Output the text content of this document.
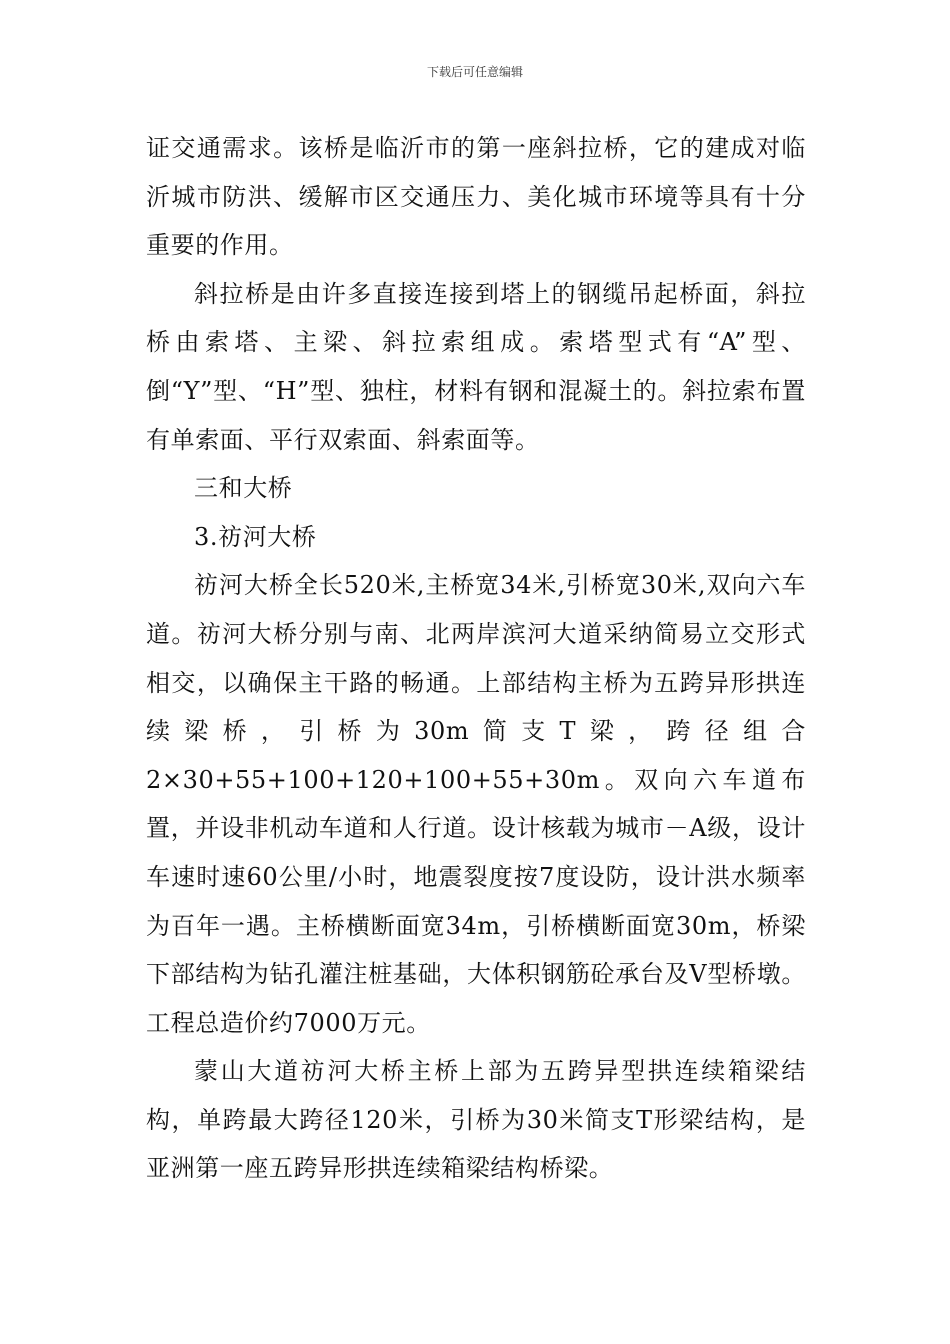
下载后可任意编辑

证交通需求。该桥是临沂市的第一座斜拉桥，它的建成对临沂城市防洪、缓解市区交通压力、美化城市环境等具有十分重要的作用。

斜拉桥是由许多直接连接到塔上的钢缆吊起桥面，斜拉桥由索塔、主梁、斜拉索组成。索塔型式有“A”型、倒“Y”型、“H”型、独柱，材料有钢和混凝土的。斜拉索布置有单索面、平行双索面、斜索面等。

三和大桥

3.祊河大桥

祊河大桥全长520米,主桥宽34米,引桥宽30米,双向六车道。祊河大桥分别与南、北两岸滨河大道采纳简易立交形式相交，以确保主干路的畅通。上部结构主桥为五跨异形拱连续梁桥，引桥为30m简支T梁，跨径组合2×30+55+100+120+100+55+30m。双向六车道布置，并设非机动车道和人行道。设计核载为城市－A级，设计车速时速60公里/小时，地震裂度按7度设防，设计洪水频率为百年一遇。主桥横断面宽34m，引桥横断面宽30m，桥梁下部结构为钻孔灌注桩基础，大体积钢筋砼承台及V型桥墩。工程总造价约7000万元。

蒙山大道祊河大桥主桥上部为五跨异型拱连续箱梁结构，单跨最大跨径120米，引桥为30米简支T形梁结构，是亚洲第一座五跨异形拱连续箱梁结构桥梁。
